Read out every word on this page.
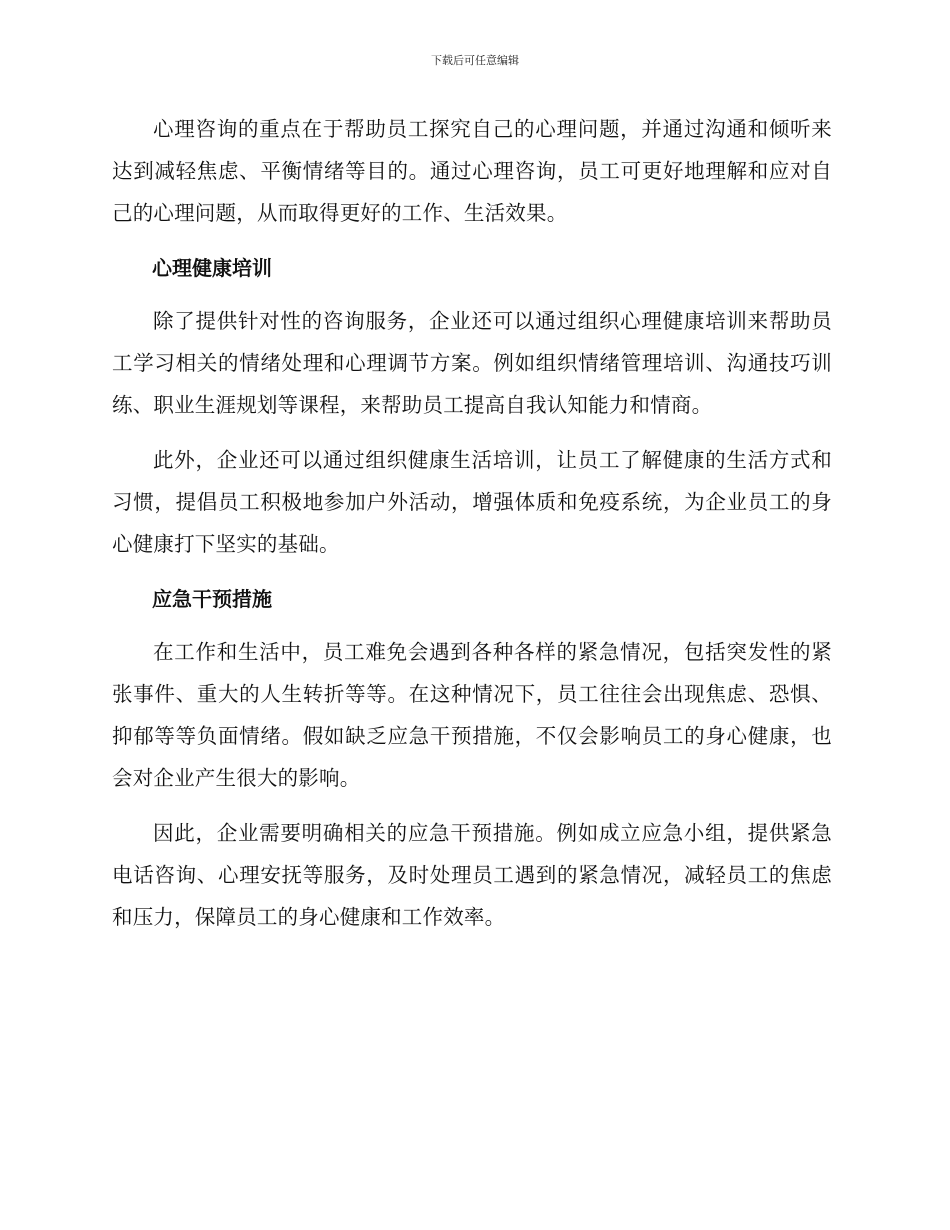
下载后可任意编辑

心理咨询的重点在于帮助员工探究自己的心理问题，并通过沟通和倾听来达到减轻焦虑、平衡情绪等目的。通过心理咨询，员工可更好地理解和应对自己的心理问题，从而取得更好的工作、生活效果。

心理健康培训

除了提供针对性的咨询服务，企业还可以通过组织心理健康培训来帮助员工学习相关的情绪处理和心理调节方案。例如组织情绪管理培训、沟通技巧训练、职业生涯规划等课程，来帮助员工提高自我认知能力和情商。

此外，企业还可以通过组织健康生活培训，让员工了解健康的生活方式和习惯，提倡员工积极地参加户外活动，增强体质和免疫系统，为企业员工的身心健康打下坚实的基础。

应急干预措施

在工作和生活中，员工难免会遇到各种各样的紧急情况，包括突发性的紧张事件、重大的人生转折等等。在这种情况下，员工往往会出现焦虑、恐惧、抑郁等等负面情绪。假如缺乏应急干预措施，不仅会影响员工的身心健康，也会对企业产生很大的影响。

因此，企业需要明确相关的应急干预措施。例如成立应急小组，提供紧急电话咨询、心理安抚等服务，及时处理员工遇到的紧急情况，减轻员工的焦虑和压力，保障员工的身心健康和工作效率。
